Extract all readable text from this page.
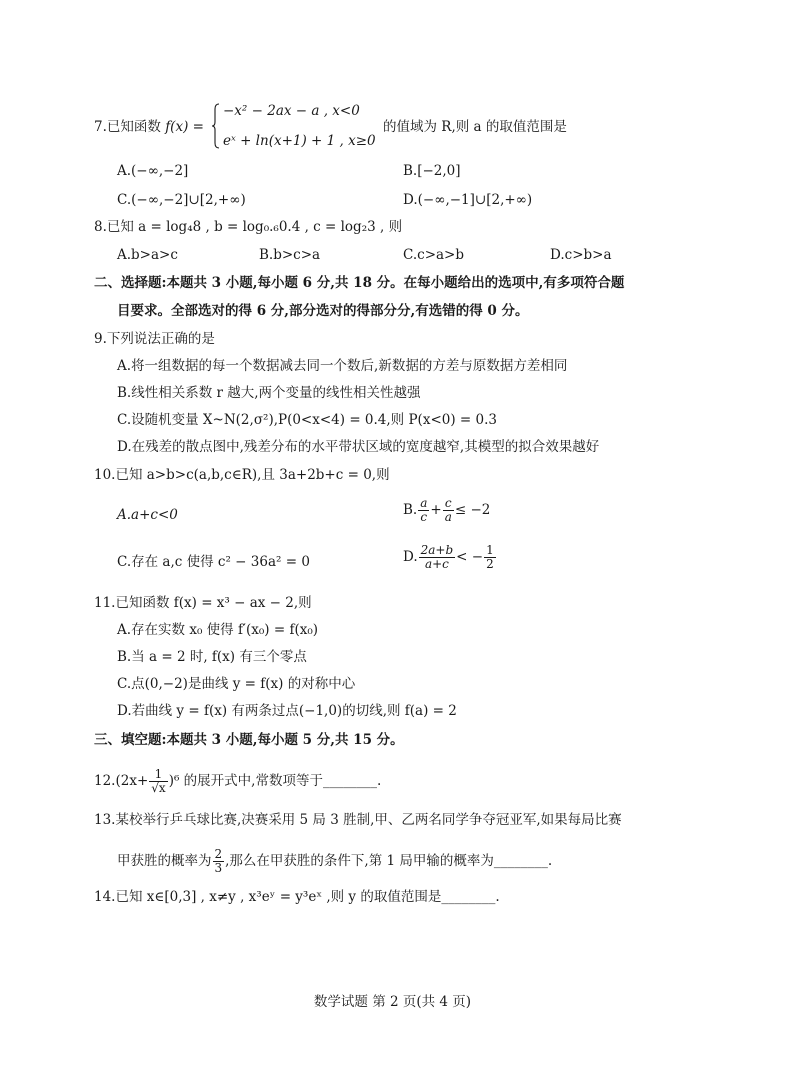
7.已知函数 f(x) =
−x² − 2ax − a , x<0
eˣ + ln(x+1) + 1 , x≥0
的值域为 R,则 a 的取值范围是
A.(−∞,−2]	B.[−2,0]
C.(−∞,−2]∪[2,+∞)	D.(−∞,−1]∪[2,+∞)
8.已知 a = log₄8 , b = log₀.₆0.4 , c = log₂3 , 则
A.b>a>c	B.b>c>a	C.c>a>b	D.c>b>a
二、选择题:本题共 3 小题,每小题 6 分,共 18 分。在每小题给出的选项中,有多项符合题
目要求。全部选对的得 6 分,部分选对的得部分分,有选错的得 0 分。
9.下列说法正确的是
A.将一组数据的每一个数据减去同一个数后,新数据的方差与原数据方差相同
B.线性相关系数 r 越大,两个变量的线性相关性越强
C.设随机变量 X~N(2,σ²),P(0<x<4) = 0.4,则 P(x<0) = 0.3
D.在残差的散点图中,残差分布的水平带状区域的宽度越窄,其模型的拟合效果越好
10.已知 a>b>c(a,b,c∈R),且 3a+2b+c = 0,则
A.a+c<0	B. $\frac{a}{c} + \frac{c}{a} \le -2$
C.存在 a,c 使得 c² − 36a² = 0	D. $\frac{2a+b}{a+c}$ < − $\frac{1}{2}$
11.已知函数 f(x) = x³ − ax − 2,则
A.存在实数 x₀ 使得 f′(x₀) = f(x₀)
B.当 a = 2 时, f(x) 有三个零点
C.点(0,−2)是曲线 y = f(x) 的对称中心
D.若曲线 y = f(x) 有两条过点(−1,0)的切线,则 f(a) = 2
三、填空题:本题共 3 小题,每小题 5 分,共 15 分。
$12.(2x+ \frac{1}{√x} )^6$ 的展开式中,常数项等于________.
13.某校举行乒乓球比赛,决赛采用 5 局 3 胜制,甲、乙两名同学争夺冠亚军,如果每局比赛
甲获胜的概率为 $\frac{2}{3}$ ,那么在甲获胜的条件下,第 1 局甲输的概率为________.
14.已知 x∈[0,3] , x≠y , x³eʸ = y³eˣ ,则 y 的取值范围是________.
数学试题 第 2 页(共 4 页)
